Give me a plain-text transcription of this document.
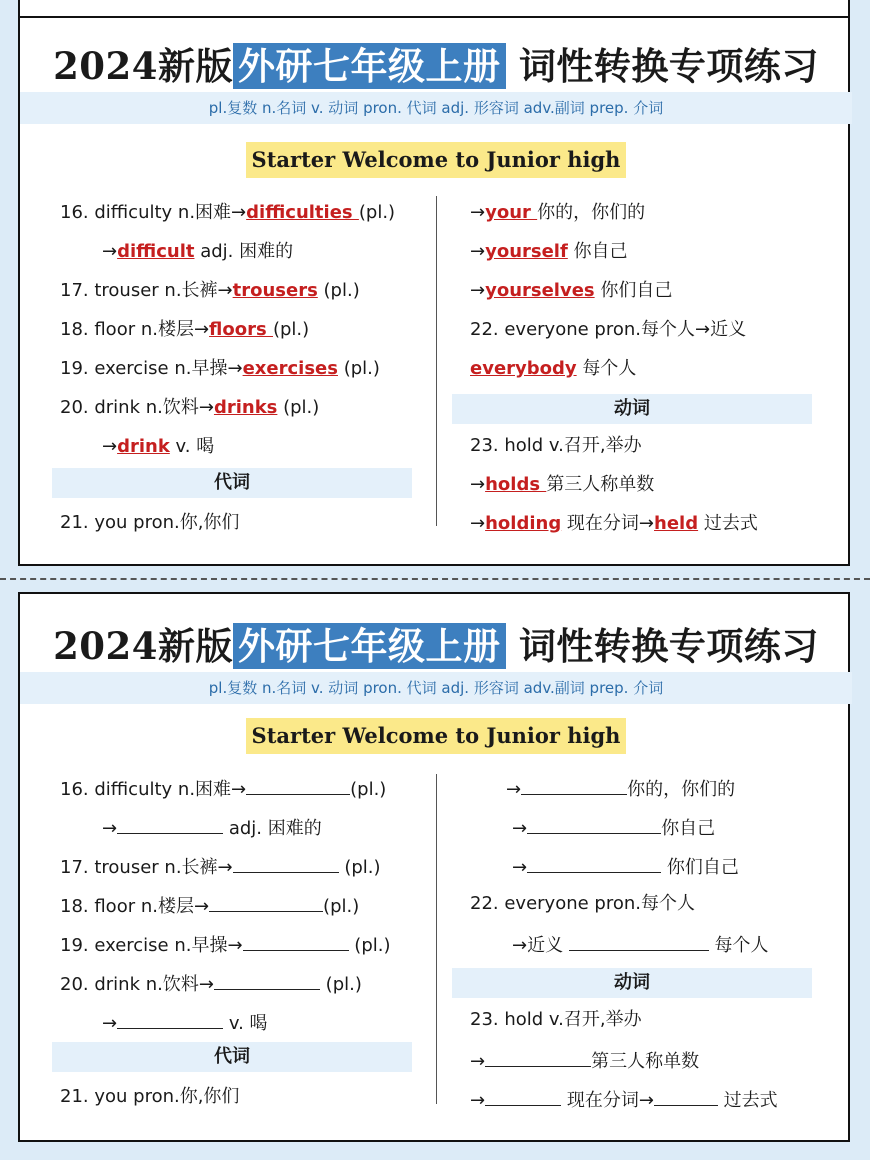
2024新版 外研七年级上册 词性转换专项练习
pl.复数 n.名词 v. 动词 pron. 代词 adj. 形容词 adv.副词 prep. 介词
Starter Welcome to Junior high
16. difficulty n.困难→difficulties (pl.)
→difficult adj. 困难的
17. trouser n.长裤→trousers (pl.)
18. floor n.楼层→floors (pl.)
19. exercise n.早操→exercises (pl.)
20. drink n.饮料→drinks (pl.)
→drink v. 喝
代词
21. you pron.你,你们
→your 你的，你们的
→yourself 你自己
→yourselves 你们自己
22. everyone pron.每个人→近义
everybody 每个人
动词
23. hold v.召开,举办
→holds 第三人称单数
→holding 现在分词→held 过去式
2024新版 外研七年级上册 词性转换专项练习
pl.复数 n.名词 v. 动词 pron. 代词 adj. 形容词 adv.副词 prep. 介词
Starter Welcome to Junior high
16. difficulty n.困难→	(pl.)
→	adj. 困难的
17. trouser n.长裤→	(pl.)
18. floor n.楼层→	(pl.)
19. exercise n.早操→	(pl.)
20. drink n.饮料→	(pl.)
→	v. 喝
代词
21. you pron.你,你们
→	你的，你们的
→	你自己
→	你们自己
22. everyone pron.每个人
→近义	每个人
动词
23. hold v.召开,举办
→	第三人称单数
→	现在分词→	过去式
